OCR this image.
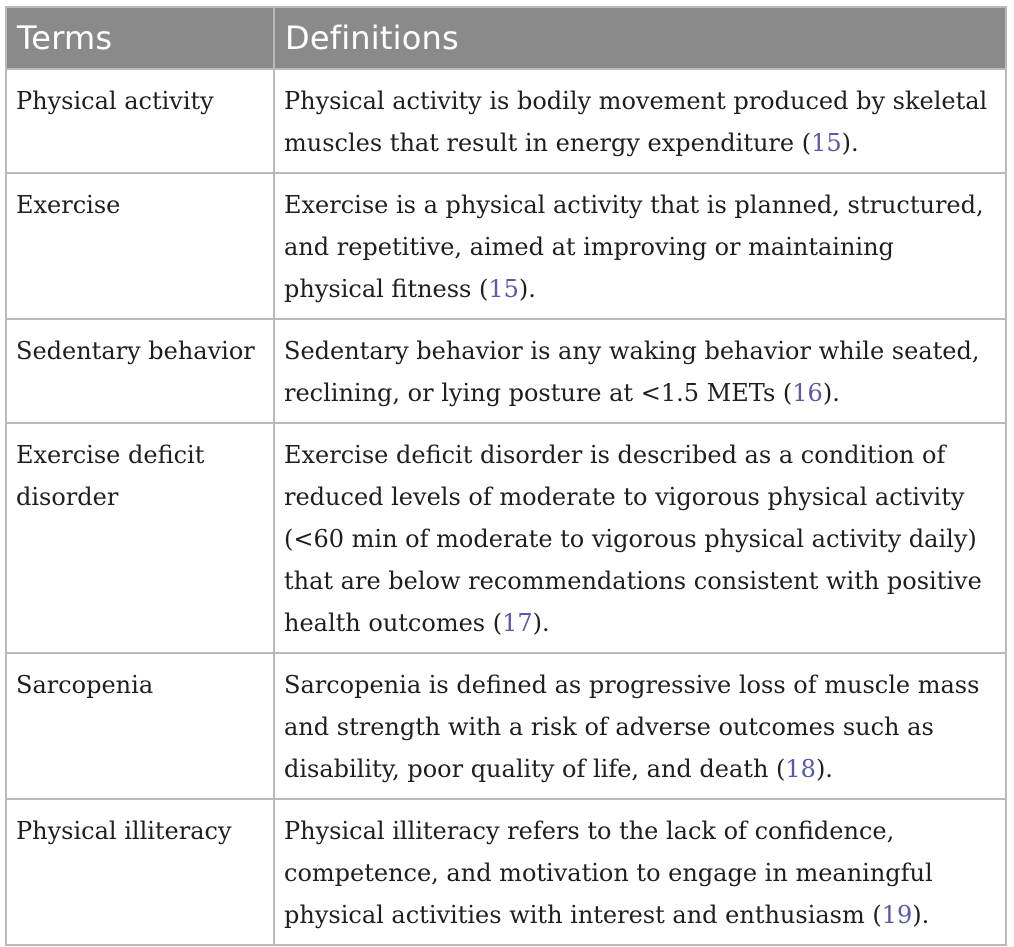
Terms	Definitions
Physical activity	Physical activity is bodily movement produced by skeletal muscles that result in energy expenditure (15).
Exercise	Exercise is a physical activity that is planned, structured, and repetitive, aimed at improving or maintaining physical fitness (15).
Sedentary behavior	Sedentary behavior is any waking behavior while seated, reclining, or lying posture at <1.5 METs (16).
Exercise deficit disorder	Exercise deficit disorder is described as a condition of reduced levels of moderate to vigorous physical activity (<60 min of moderate to vigorous physical activity daily) that are below recommendations consistent with positive health outcomes (17).
Sarcopenia	Sarcopenia is defined as progressive loss of muscle mass and strength with a risk of adverse outcomes such as disability, poor quality of life, and death (18).
Physical illiteracy	Physical illiteracy refers to the lack of confidence, competence, and motivation to engage in meaningful physical activities with interest and enthusiasm (19).
